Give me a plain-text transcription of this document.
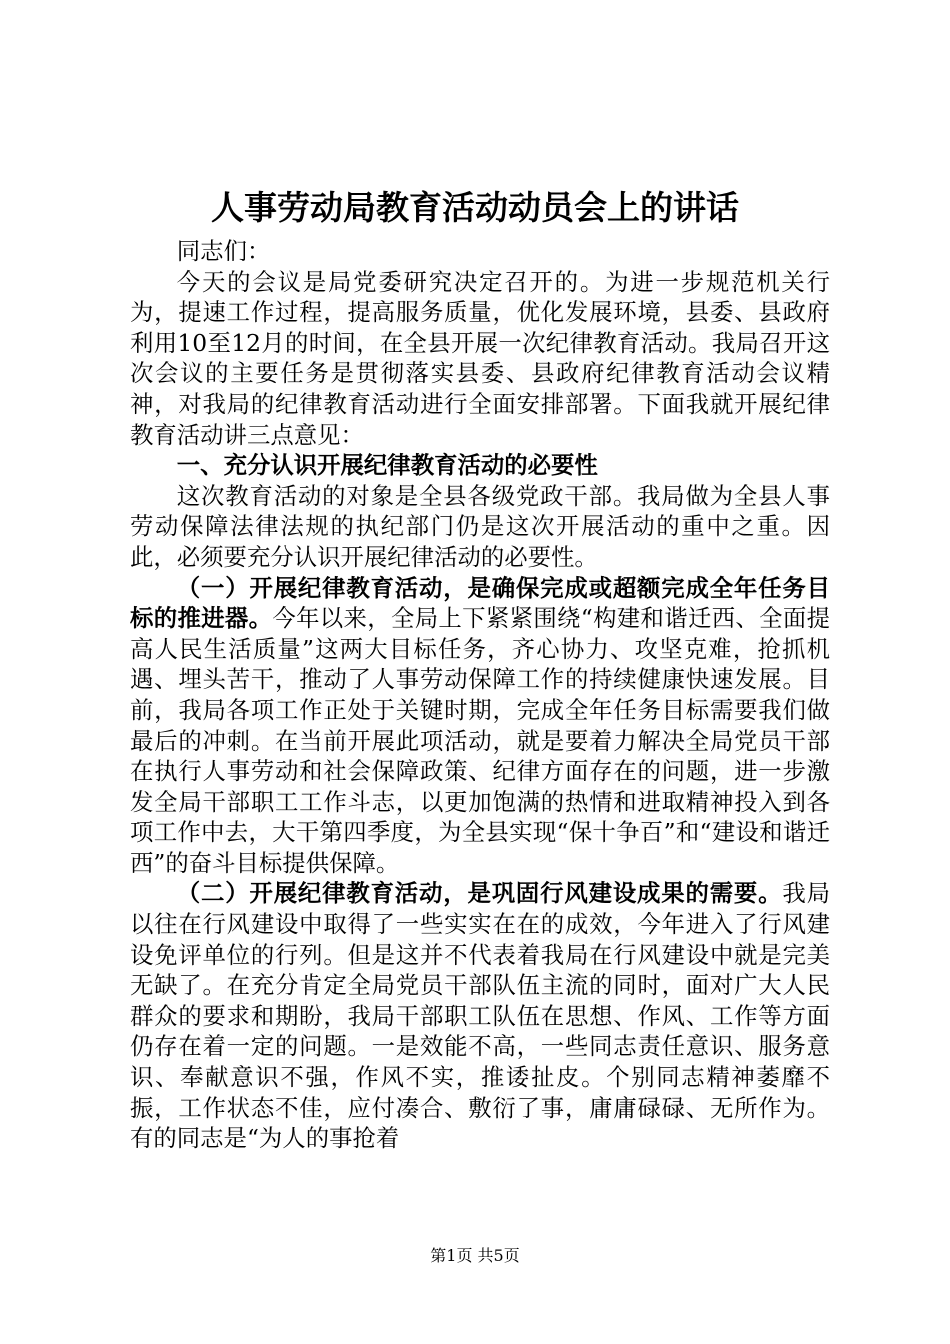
人事劳动局教育活动动员会上的讲话

同志们：

今天的会议是局党委研究决定召开的。为进一步规范机关行为，提速工作过程，提高服务质量，优化发展环境，县委、县政府利用10至12月的时间，在全县开展一次纪律教育活动。我局召开这次会议的主要任务是贯彻落实县委、县政府纪律教育活动会议精神，对我局的纪律教育活动进行全面安排部署。下面我就开展纪律教育活动讲三点意见：

一、充分认识开展纪律教育活动的必要性

这次教育活动的对象是全县各级党政干部。我局做为全县人事劳动保障法律法规的执纪部门仍是这次开展活动的重中之重。因此，必须要充分认识开展纪律活动的必要性。

（一）开展纪律教育活动，是确保完成或超额完成全年任务目标的推进器。今年以来，全局上下紧紧围绕“构建和谐迁西、全面提高人民生活质量”这两大目标任务，齐心协力、攻坚克难，抢抓机遇、埋头苦干，推动了人事劳动保障工作的持续健康快速发展。目前，我局各项工作正处于关键时期，完成全年任务目标需要我们做最后的冲刺。在当前开展此项活动，就是要着力解决全局党员干部在执行人事劳动和社会保障政策、纪律方面存在的问题，进一步激发全局干部职工工作斗志，以更加饱满的热情和进取精神投入到各项工作中去，大干第四季度，为全县实现“保十争百”和“建设和谐迁西”的奋斗目标提供保障。

（二）开展纪律教育活动，是巩固行风建设成果的需要。我局以往在行风建设中取得了一些实实在在的成效，今年进入了行风建设免评单位的行列。但是这并不代表着我局在行风建设中就是完美无缺了。在充分肯定全局党员干部队伍主流的同时，面对广大人民群众的要求和期盼，我局干部职工队伍在思想、作风、工作等方面仍存在着一定的问题。一是效能不高，一些同志责任意识、服务意识、奉献意识不强，作风不实，推诿扯皮。个别同志精神萎靡不振，工作状态不佳，应付凑合、敷衍了事，庸庸碌碌、无所作为。有的同志是“为人的事抢着

第1页 共5页
